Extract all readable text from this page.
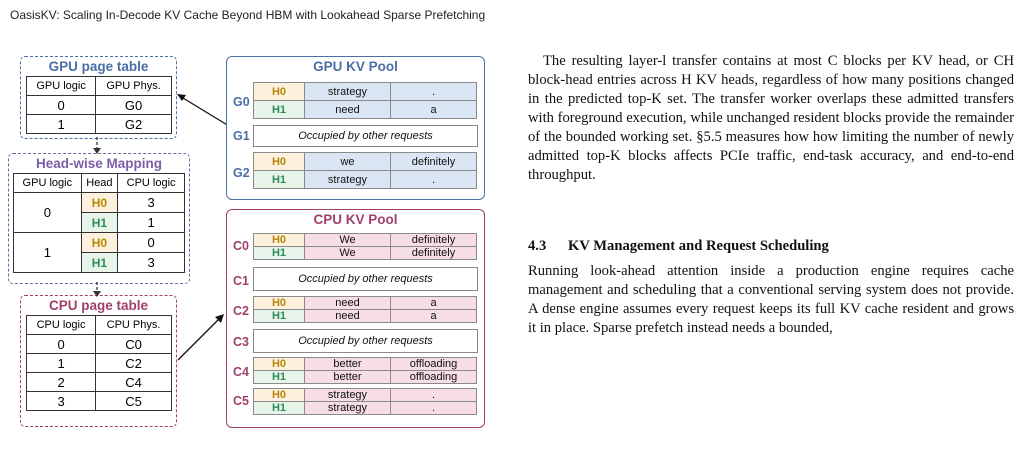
OasisKV: Scaling In-Decode KV Cache Beyond HBM with Lookahead Sparse Prefetching
GPU page table
GPU logic	GPU Phys.
0	G0
1	G2
Head-wise Mapping
GPU logic	Head	CPU logic
0	H0	3
	H1	1
1	H0	0
	H1	3
CPU page table
CPU logic	CPU Phys.
0	C0
1	C2
2	C4
3	C5
GPU KV Pool
G0
H0	strategy	.
H1	need	a
G1	Occupied by other requests
G2
H0	we	definitely
H1	strategy	.
CPU KV Pool
C0	H0	We	definitely
H1	We	definitely
C1	Occupied by other requests
C2
H0	need	a
H1	need	a
C3	Occupied by other requests
C4
H0	better	offloading
H1	better	offloading
C5	H0	strategy	.
H1	strategy	.

The resulting layer-l transfer contains at most C blocks per KV head, or CH block-head entries across H KV heads, regardless of how many positions changed in the predicted top-K set. The transfer worker overlaps these admitted transfers with foreground execution, while unchanged resident blocks provide the remainder of the bounded working set. §5.5 measures how how limiting the number of newly admitted top-K blocks affects PCIe traffic, end-task accuracy, and end-to-end throughput.

4.3 KV Management and Request Scheduling

Running look-ahead attention inside a production engine requires cache management and scheduling that a conventional serving system does not provide. A dense engine assumes every request keeps its full KV cache resident and grows it in place. Sparse prefetch instead needs a bounded,
